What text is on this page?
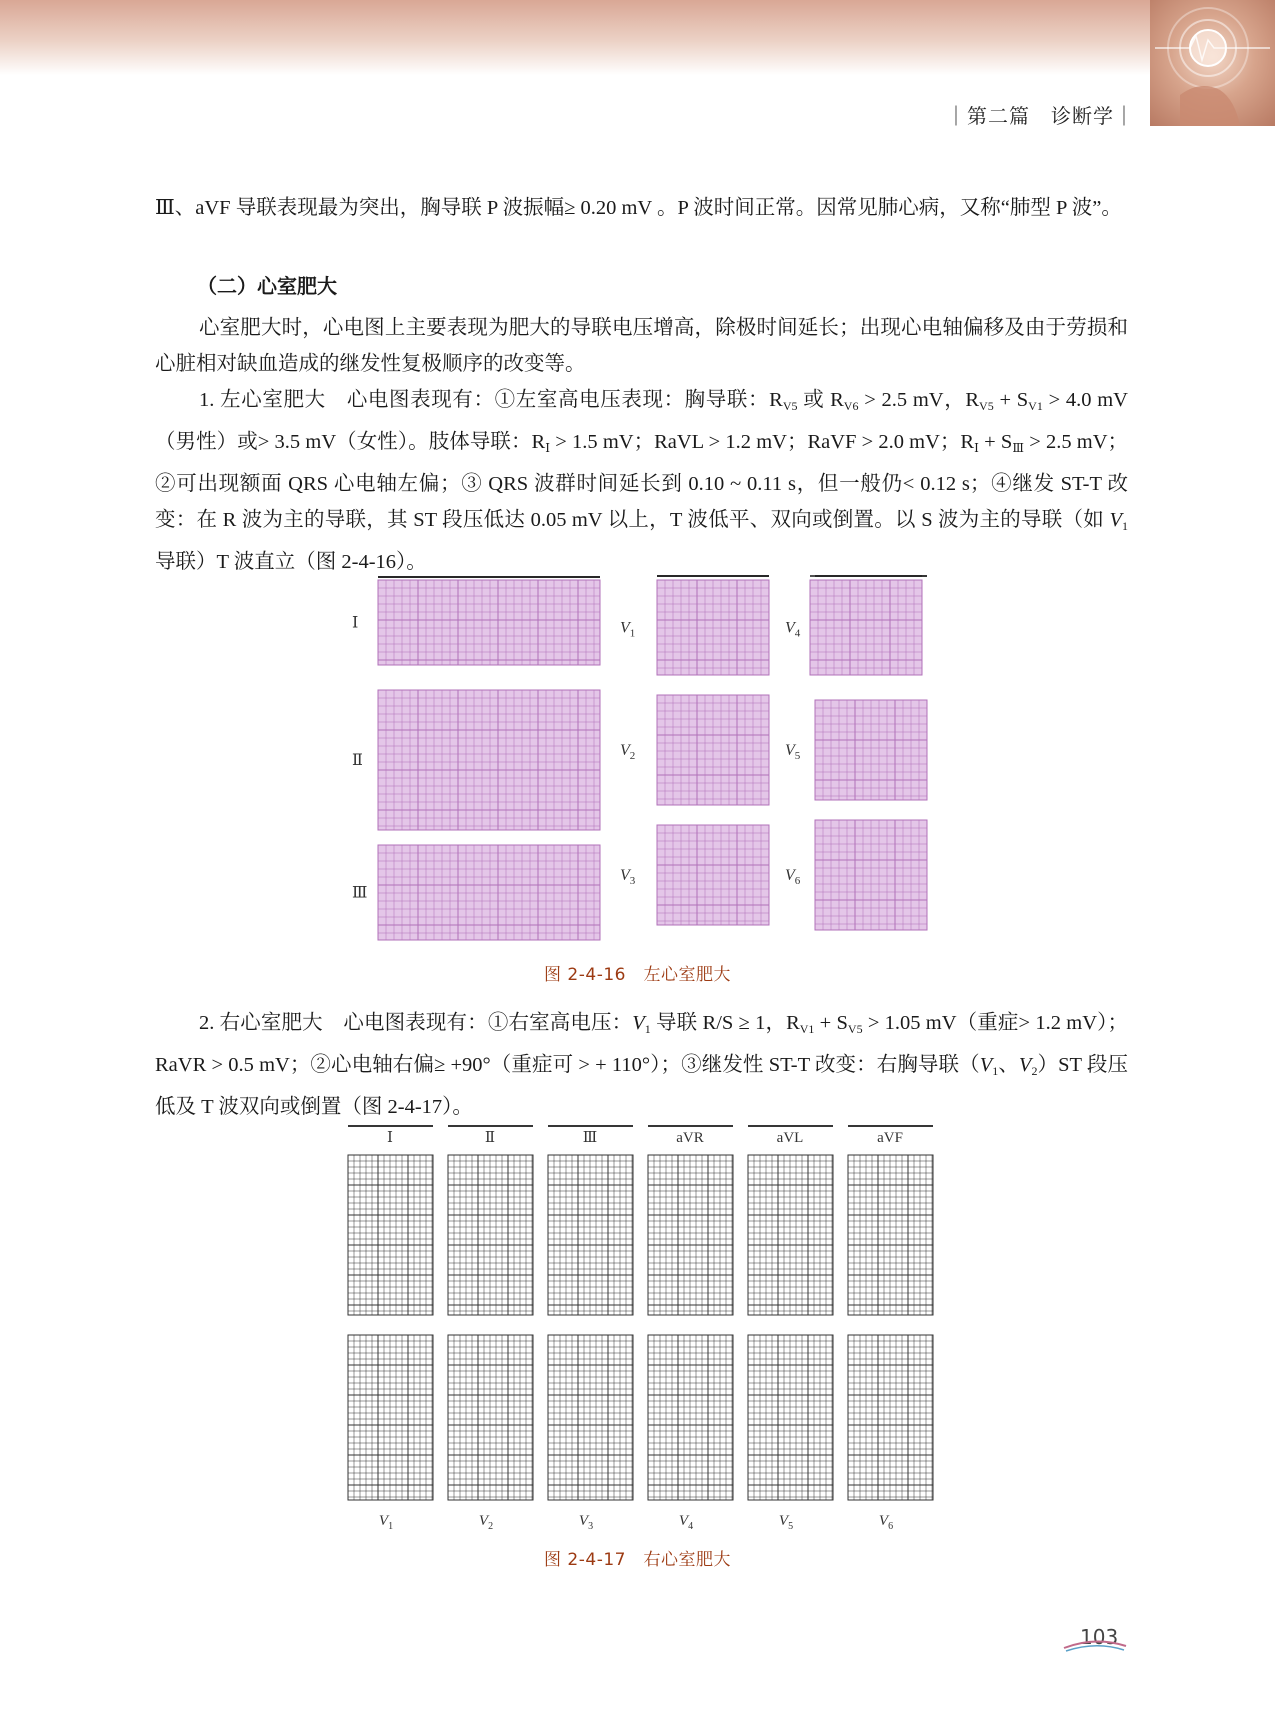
｜第二篇　诊断学｜
Ⅲ、aVF 导联表现最为突出，胸导联 P 波振幅≥ 0.20 mV 。P 波时间正常。因常见肺心病，又称“肺型 P 波”。
（二）心室肥大
心室肥大时，心电图上主要表现为肥大的导联电压增高，除极时间延长；出现心电轴偏移及由于劳损和心脏相对缺血造成的继发性复极顺序的改变等。
1. 左心室肥大　心电图表现有：①左室高电压表现：胸导联：$R_{V5}$ 或 $R_{V6} > 2.5$ mV，$R_{V5} + S_{V1} > 4.0$ mV（男性）或> 3.5 mV（女性）。肢体导联：$R_Ⅰ > 1.5$ mV；RaVL > 1.2 mV；RaVF > 2.0 mV；$R_Ⅰ + S_Ⅲ > 2.5$ mV；②可出现额面 QRS 心电轴左偏；③ QRS 波群时间延长到 0.10 ~ 0.11 s，但一般仍< 0.12 s；④继发 ST-T 改变：在 R 波为主的导联，其 ST 段压低达 0.05 mV 以上，T 波低平、双向或倒置。以 S 波为主的导联（如 $V_1$ 导联）T 波直立（图 2-4-16）。
Ⅰ
Ⅱ
Ⅲ
$V_1$
$V_2$
$V_3$
$V_4$
$V_5$
$V_6$
图 2-4-16　左心室肥大
2. 右心室肥大　心电图表现有：①右室高电压：$V_1$ 导联 R/S ≥ 1，$R_{V1} + S_{V5} > 1.05$ mV（重症> 1.2 mV）；RaVR > 0.5 mV；②心电轴右偏≥ +90°（重症可 > + 110°）；③继发性 ST-T 改变：右胸导联（$V_1$、$V_2)ST$ 段压低及 T 波双向或倒置（图 2-4-17）。
Ⅰ	Ⅱ	Ⅲ	aVR	aVL	aVF
$V_1$	$V_2$	$V_3$	$V_4$	$V_5$	$V_6$
图 2-4-17　右心室肥大
103
